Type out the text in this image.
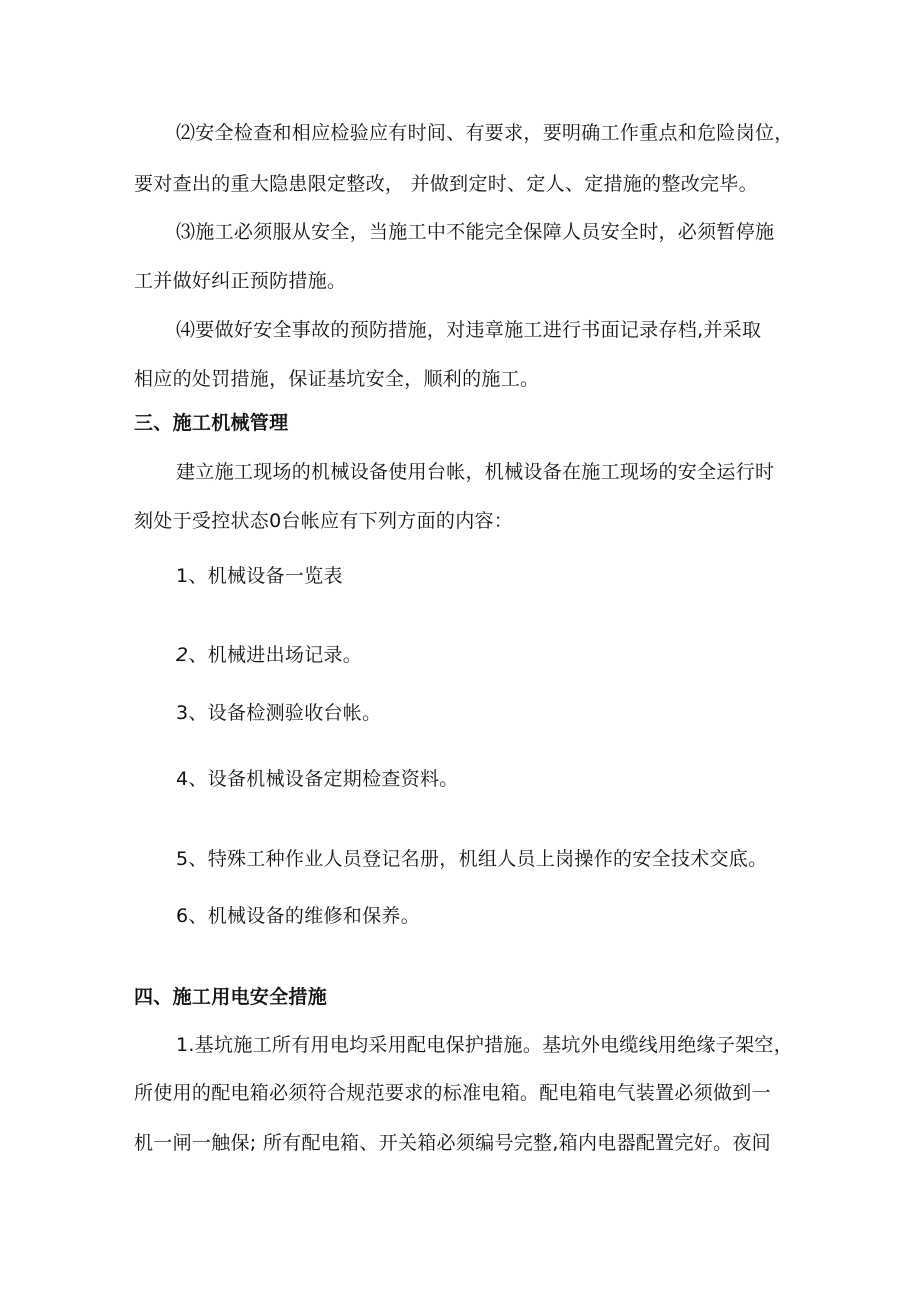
⑵安全检查和相应检验应有时间、有要求，要明确工作重点和危险岗位，
要对查出的重大隐患限定整改， 并做到定时、定人、定措施的整改完毕。
⑶施工必须服从安全，当施工中不能完全保障人员安全时，必须暂停施
工并做好纠正预防措施。
⑷要做好安全事故的预防措施，对违章施工进行书面记录存档,并采取
相应的处罚措施，保证基坑安全，顺利的施工。
三、施工机械管理
建立施工现场的机械设备使用台帐，机械设备在施工现场的安全运行时
刻处于受控状态0台帐应有下列方面的内容：
1、机械设备一览表
2、机械进出场记录。
3、设备检测验收台帐。
4、设备机械设备定期检查资料。
5、特殊工种作业人员登记名册，机组人员上岗操作的安全技术交底。
6、机械设备的维修和保养。
四、施工用电安全措施
1.基坑施工所有用电均采用配电保护措施。基坑外电缆线用绝缘子架空，
所使用的配电箱必须符合规范要求的标准电箱。配电箱电气装置必须做到一
机一闸一触保; 所有配电箱、开关箱必须编号完整,箱内电器配置完好。夜间
